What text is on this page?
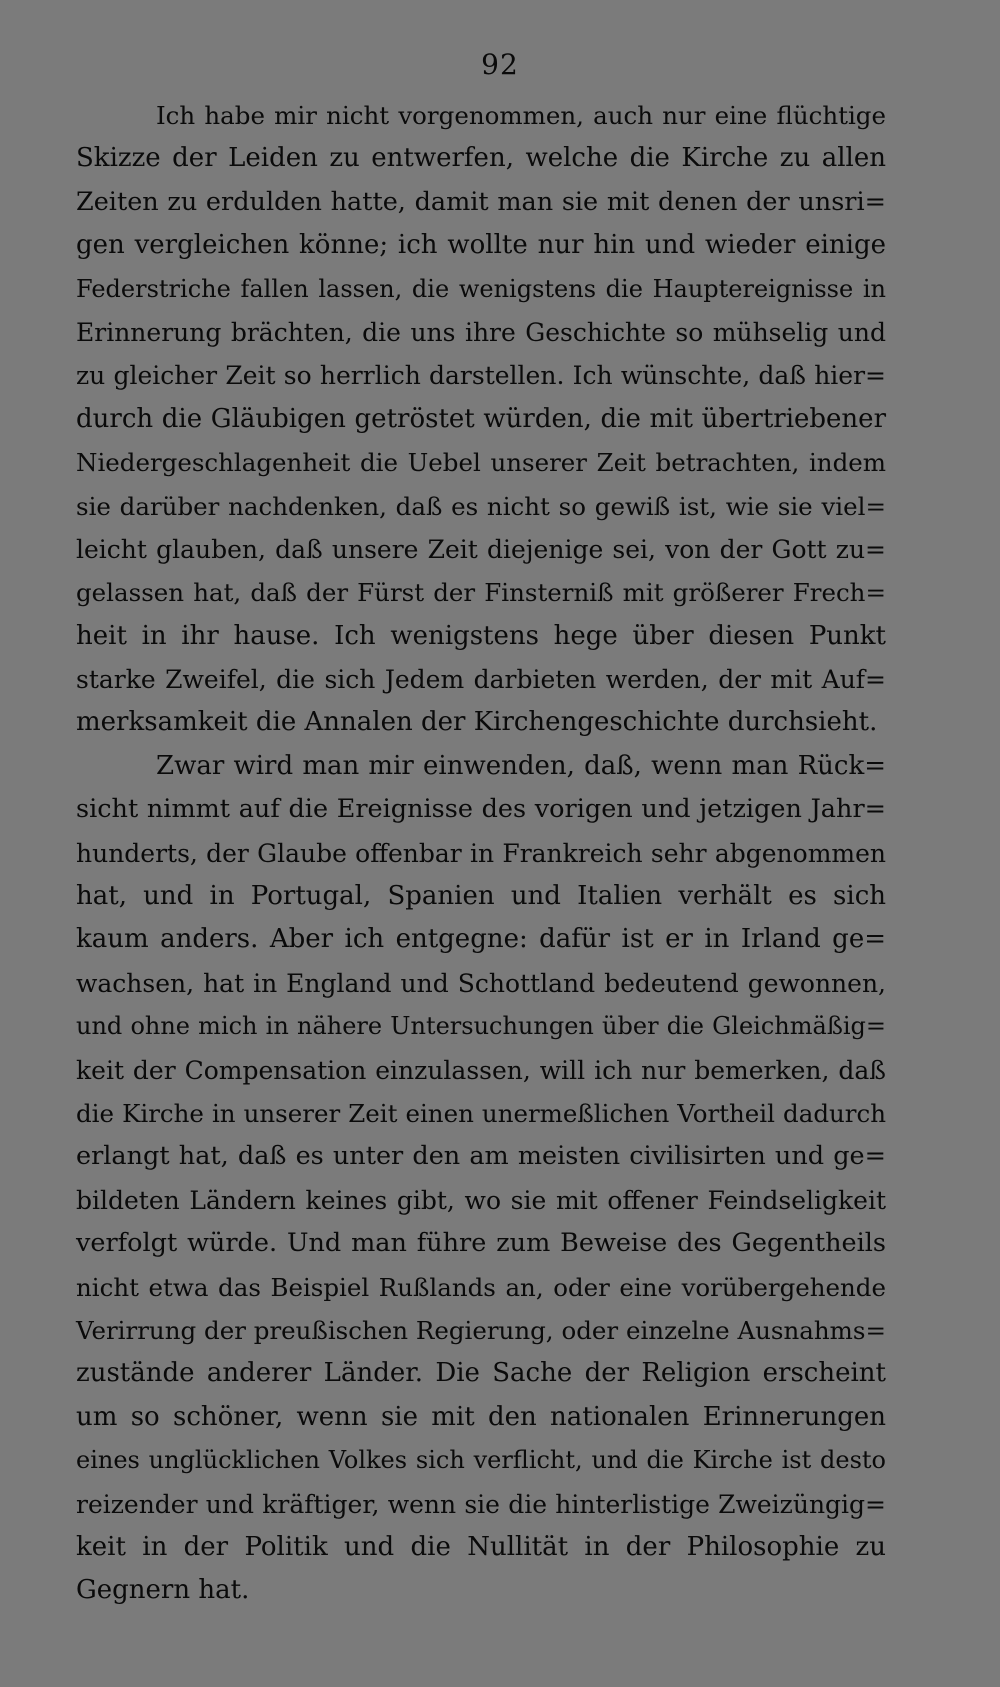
92
Ich habe mir nicht vorgenommen, auch nur eine flüchtige
Skizze der Leiden zu entwerfen, welche die Kirche zu allen
Zeiten zu erdulden hatte, damit man sie mit denen der unsri=
gen vergleichen könne; ich wollte nur hin und wieder einige
Federstriche fallen lassen, die wenigstens die Hauptereignisse in
Erinnerung brächten, die uns ihre Geschichte so mühselig und
zu gleicher Zeit so herrlich darstellen. Ich wünschte, daß hier=
durch die Gläubigen getröstet würden, die mit übertriebener
Niedergeschlagenheit die Uebel unserer Zeit betrachten, indem
sie darüber nachdenken, daß es nicht so gewiß ist, wie sie viel=
leicht glauben, daß unsere Zeit diejenige sei, von der Gott zu=
gelassen hat, daß der Fürst der Finsterniß mit größerer Frech=
heit in ihr hause. Ich wenigstens hege über diesen Punkt
starke Zweifel, die sich Jedem darbieten werden, der mit Auf=
merksamkeit die Annalen der Kirchengeschichte durchsieht.
Zwar wird man mir einwenden, daß, wenn man Rück=
sicht nimmt auf die Ereignisse des vorigen und jetzigen Jahr=
hunderts, der Glaube offenbar in Frankreich sehr abgenommen
hat, und in Portugal, Spanien und Italien verhält es sich
kaum anders. Aber ich entgegne: dafür ist er in Irland ge=
wachsen, hat in England und Schottland bedeutend gewonnen,
und ohne mich in nähere Untersuchungen über die Gleichmäßig=
keit der Compensation einzulassen, will ich nur bemerken, daß
die Kirche in unserer Zeit einen unermeßlichen Vortheil dadurch
erlangt hat, daß es unter den am meisten civilisirten und ge=
bildeten Ländern keines gibt, wo sie mit offener Feindseligkeit
verfolgt würde. Und man führe zum Beweise des Gegentheils
nicht etwa das Beispiel Rußlands an, oder eine vorübergehende
Verirrung der preußischen Regierung, oder einzelne Ausnahms=
zustände anderer Länder. Die Sache der Religion erscheint
um so schöner, wenn sie mit den nationalen Erinnerungen
eines unglücklichen Volkes sich verflicht, und die Kirche ist desto
reizender und kräftiger, wenn sie die hinterlistige Zweizüngig=
keit in der Politik und die Nullität in der Philosophie zu
Gegnern hat.
